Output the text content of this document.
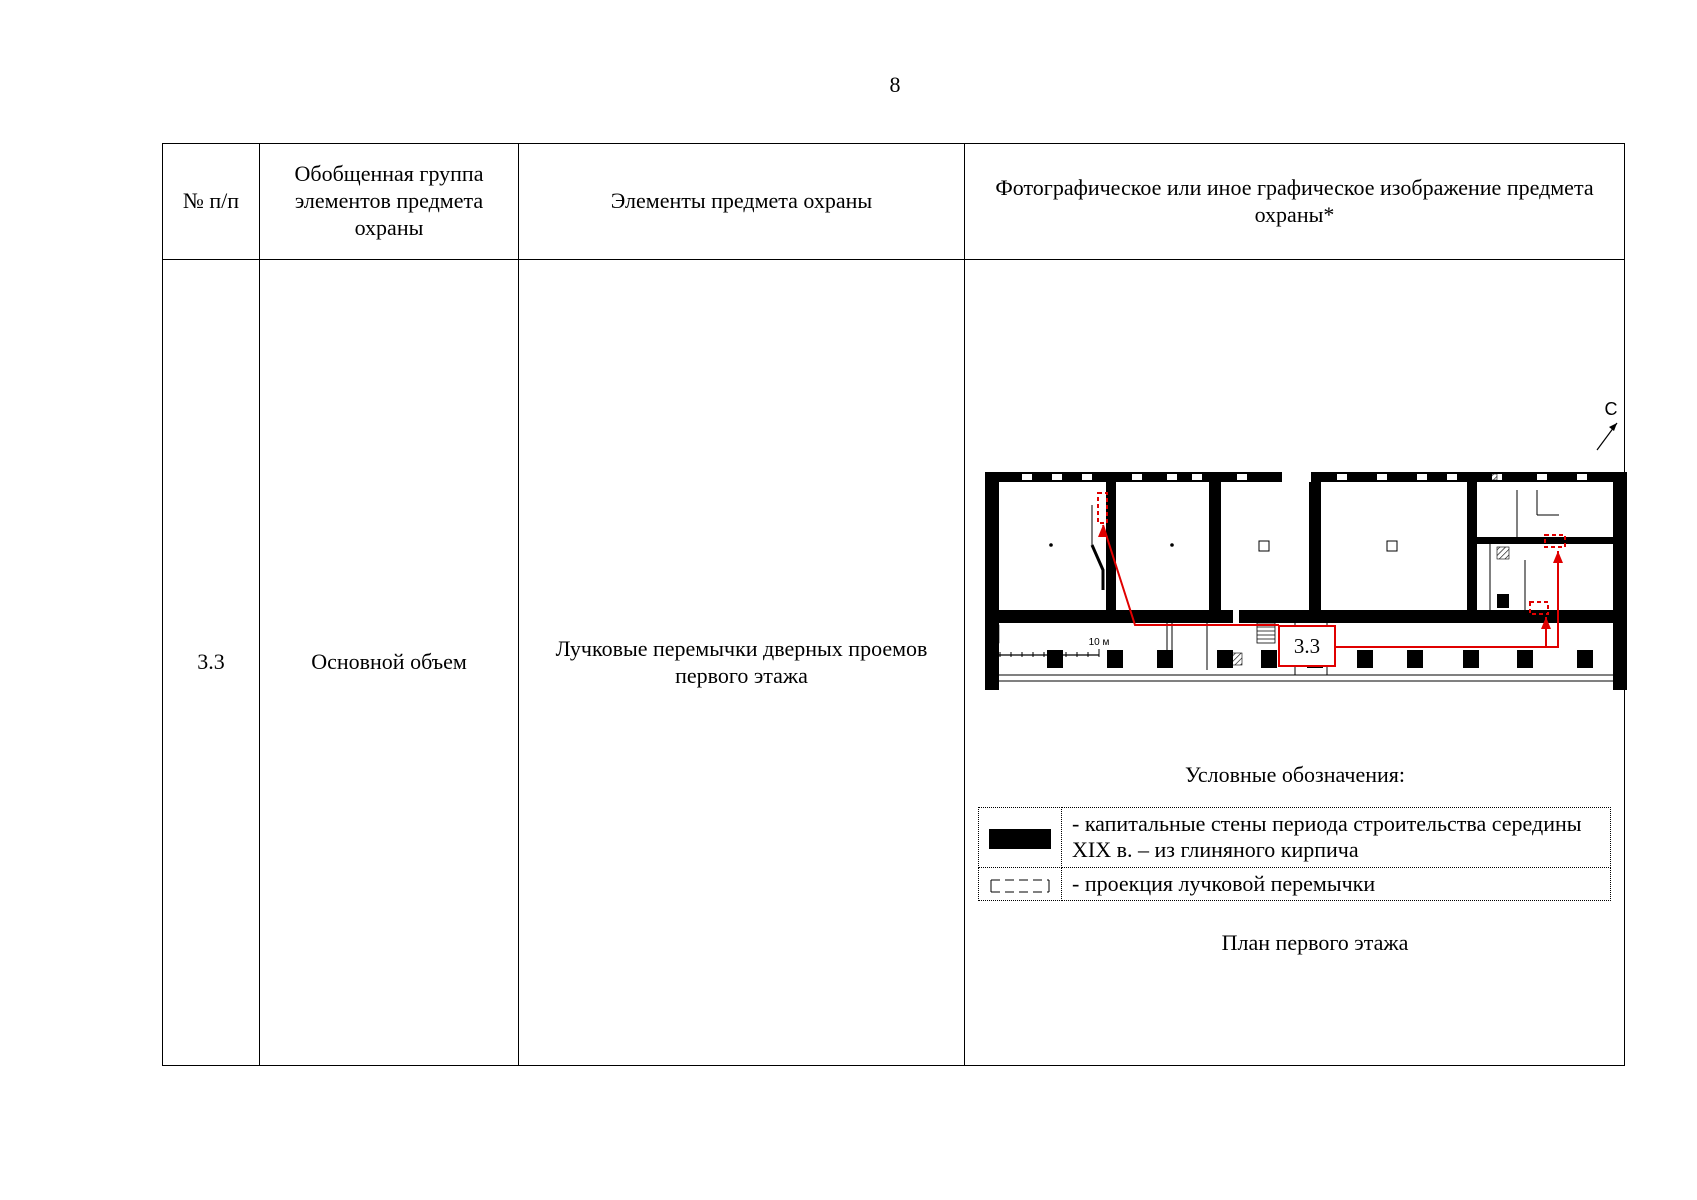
8
№ п/п	Обобщенная группа элементов предмета охраны	Элементы предмета охраны	Фотографическое или иное графическое изображение предмета охраны*
3.3	Основной объем	Лучковые перемычки дверных проемов первого этажа	
С
3.3
0	10 м
Условные обозначения:
	- капитальные стены периода строительства середины XIX в. – из глиняного кирпича
	- проекция лучковой перемычки
План первого этажа
